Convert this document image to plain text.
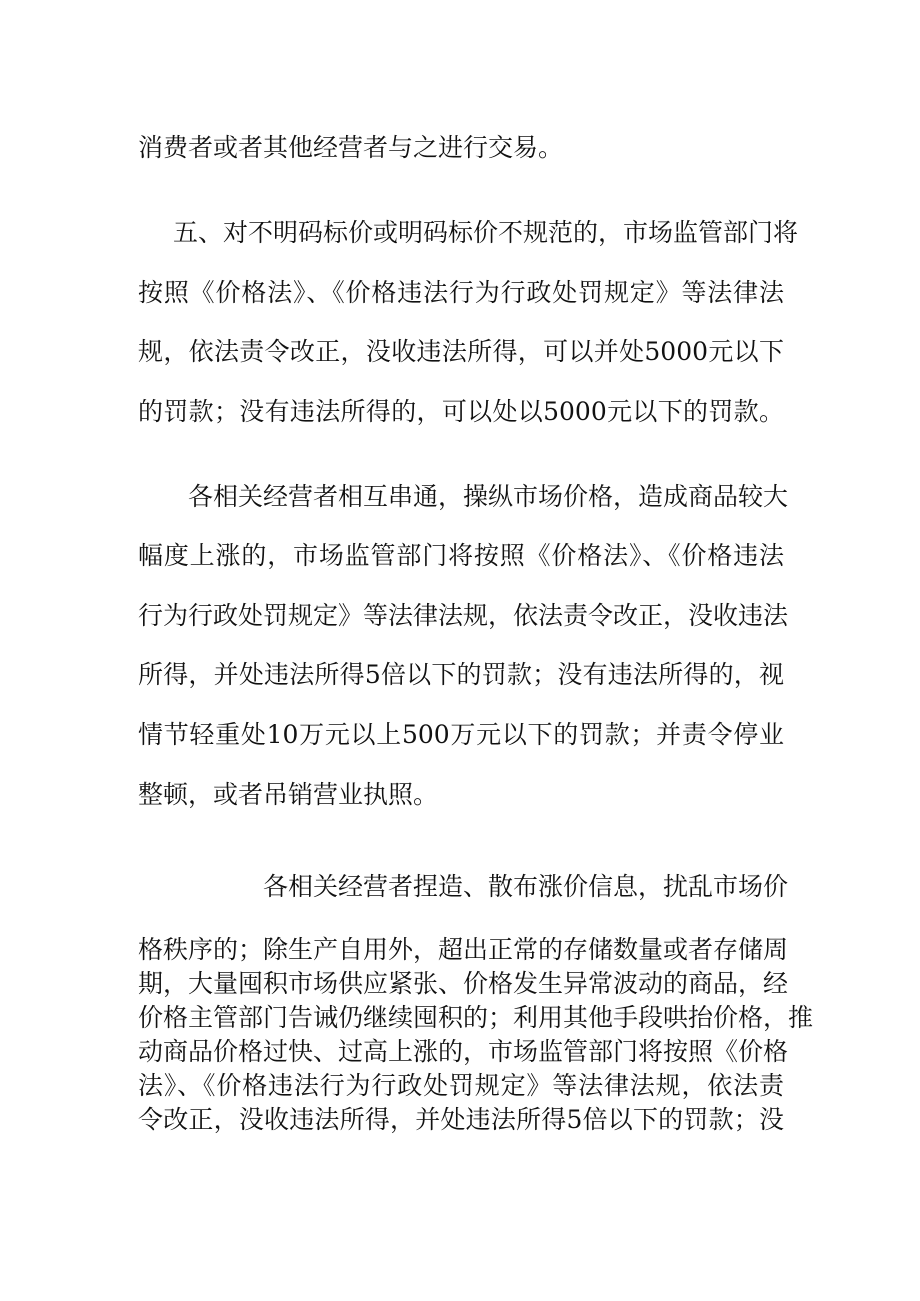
消费者或者其他经营者与之进行交易。
五、对不明码标价或明码标价不规范的，市场监管部门将
按照《价格法》、《价格违法行为行政处罚规定》等法律法
规，依法责令改正，没收违法所得，可以并处5000元以下
的罚款；没有违法所得的，可以处以5000元以下的罚款。
各相关经营者相互串通，操纵市场价格，造成商品较大
幅度上涨的，市场监管部门将按照《价格法》、《价格违法
行为行政处罚规定》等法律法规，依法责令改正，没收违法
所得，并处违法所得5倍以下的罚款；没有违法所得的，视
情节轻重处10万元以上500万元以下的罚款；并责令停业
整顿，或者吊销营业执照。
各相关经营者捏造、散布涨价信息，扰乱市场价
格秩序的；除生产自用外，超出正常的存储数量或者存储周
期，大量囤积市场供应紧张、价格发生异常波动的商品，经
价格主管部门告诫仍继续囤积的；利用其他手段哄抬价格，推
动商品价格过快、过高上涨的，市场监管部门将按照《价格
法》、《价格违法行为行政处罚规定》等法律法规，依法责
令改正，没收违法所得，并处违法所得5倍以下的罚款；没
